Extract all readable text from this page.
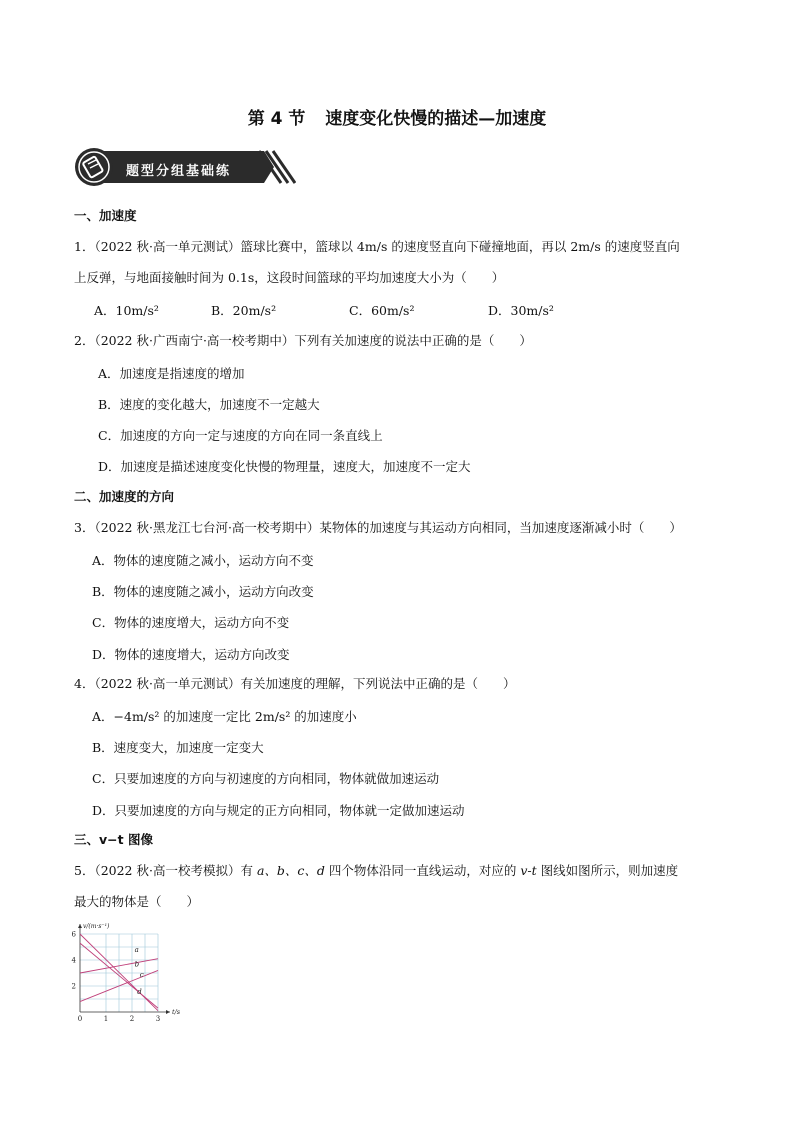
第 4 节 速度变化快慢的描述—加速度
题型分组基础练
一、加速度
1．（2022 秋·高一单元测试）篮球比赛中，篮球以 4m/s 的速度竖直向下碰撞地面，再以 2m/s 的速度竖直向
上反弹，与地面接触时间为 0.1s，这段时间篮球的平均加速度大小为（　　）
A．10m/s²	B．20m/s²	C．60m/s²	D．30m/s²
2．（2022 秋·广西南宁·高一校考期中）下列有关加速度的说法中正确的是（　　）
A．加速度是指速度的增加
B．速度的变化越大，加速度不一定越大
C．加速度的方向一定与速度的方向在同一条直线上
D．加速度是描述速度变化快慢的物理量，速度大，加速度不一定大
二、加速度的方向
3．（2022 秋·黑龙江七台河·高一校考期中）某物体的加速度与其运动方向相同，当加速度逐渐减小时（　　）
A．物体的速度随之减小，运动方向不变
B．物体的速度随之减小，运动方向改变
C．物体的速度增大，运动方向不变
D．物体的速度增大，运动方向改变
4．（2022 秋·高一单元测试）有关加速度的理解，下列说法中正确的是（　　）
A．−4m/s² 的加速度一定比 2m/s² 的加速度小
B．速度变大，加速度一定变大
C．只要加速度的方向与初速度的方向相同，物体就做加速运动
D．只要加速度的方向与规定的正方向相同，物体就一定做加速运动
三、v−t 图像
5．（2022 秋·高一校考模拟）有 a、b、c、d 四个物体沿同一直线运动，对应的 v-t 图线如图所示，则加速度
最大的物体是（　　）
0	1	2	3
2
4
6
v/(m·s⁻¹)
t/s
a
b
c
d
